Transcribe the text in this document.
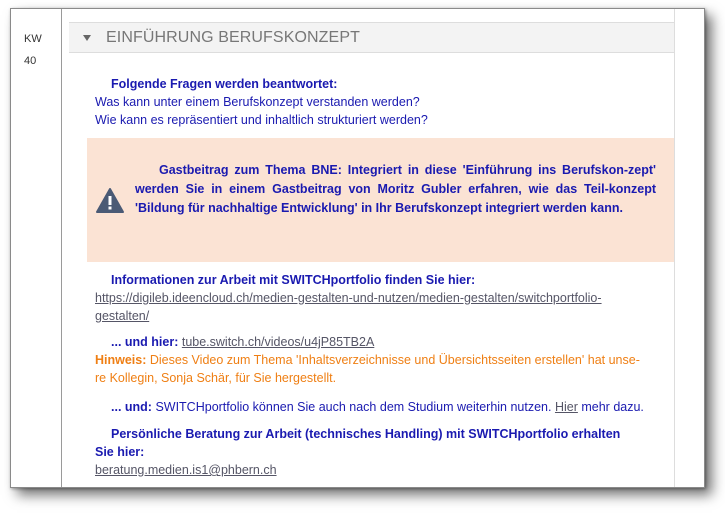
KW
40
EINFÜHRUNG BERUFSKONZEPT
Folgende Fragen werden beantwortet:
Was kann unter einem Berufskonzept verstanden werden?
Wie kann es repräsentiert und inhaltlich strukturiert werden?
Gastbeitrag zum Thema BNE: Integriert in diese 'Einführung ins Berufskon-zept' werden Sie in einem Gastbeitrag von Moritz Gubler erfahren, wie das Teil-konzept 'Bildung für nachhaltige Entwicklung' in Ihr Berufskonzept integriert werden kann.
Informationen zur Arbeit mit SWITCHportfolio finden Sie hier:
https://digileb.ideencloud.ch/medien-gestalten-und-nutzen/medien-gestalten/switchportfolio-
gestalten/
... und hier: tube.switch.ch/videos/u4jP85TB2A
Hinweis: Dieses Video zum Thema 'Inhaltsverzeichnisse und Übersichtsseiten erstellen' hat unse-
re Kollegin, Sonja Schär, für Sie hergestellt.
... und: SWITCHportfolio können Sie auch nach dem Studium weiterhin nutzen. Hier mehr dazu.
Persönliche Beratung zur Arbeit (technisches Handling) mit SWITCHportfolio erhalten
Sie hier:
beratung.medien.is1@phbern.ch
